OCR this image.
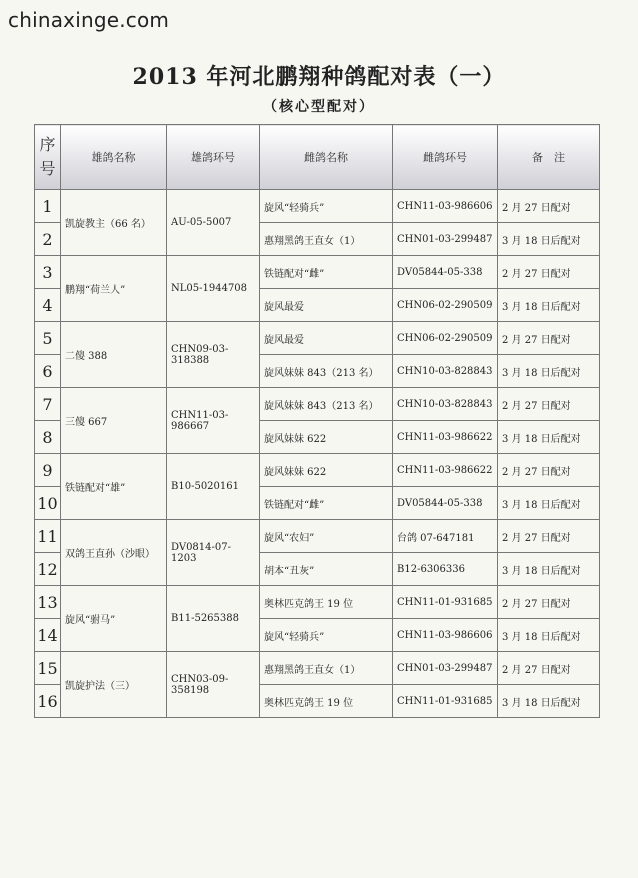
chinaxinge.com
2013 年河北鹏翔种鸽配对表（一）
（核心型配对）
序
号	雄鸽名称	雄鸽环号	雌鸽名称	雌鸽环号	备　注
1	凯旋教主（66 名）	AU-05-5007	旋风“轻骑兵”	CHN11-03-986606	2 月 27 日配对
2			惠翔黑鸽王直女（1）	CHN01-03-299487	3 月 18 日后配对
3	鹏翔“荷兰人”	NL05-1944708	铁链配对“雌”	DV05844-05-338	2 月 27 日配对
4			旋风最爱	CHN06-02-290509	3 月 18 日后配对
5	二傻 388	CHN09-03-318388	旋风最爱	CHN06-02-290509	2 月 27 日配对
6			旋风妹妹 843（213 名）	CHN10-03-828843	3 月 18 日后配对
7	三傻 667	CHN11-03-986667	旋风妹妹 843（213 名）	CHN10-03-828843	2 月 27 日配对
8			旋风妹妹 622	CHN11-03-986622	3 月 18 日后配对
9	铁链配对“雄”	B10-5020161	旋风妹妹 622	CHN11-03-986622	2 月 27 日配对
10			铁链配对“雌”	DV05844-05-338	3 月 18 日后配对
11	双鸽王直孙（沙眼）	DV0814-07-1203	旋风“农妇”	台鸽 07-647181	2 月 27 日配对
12			胡本“丑灰”	B12-6306336	3 月 18 日后配对
13	旋风“驸马”	B11-5265388	奥林匹克鸽王 19 位	CHN11-01-931685	2 月 27 日配对
14			旋风“轻骑兵”	CHN11-03-986606	3 月 18 日后配对
15	凯旋护法（三）	CHN03-09-358198	惠翔黑鸽王直女（1）	CHN01-03-299487	2 月 27 日配对
16			奥林匹克鸽王 19 位	CHN11-01-931685	3 月 18 日后配对
